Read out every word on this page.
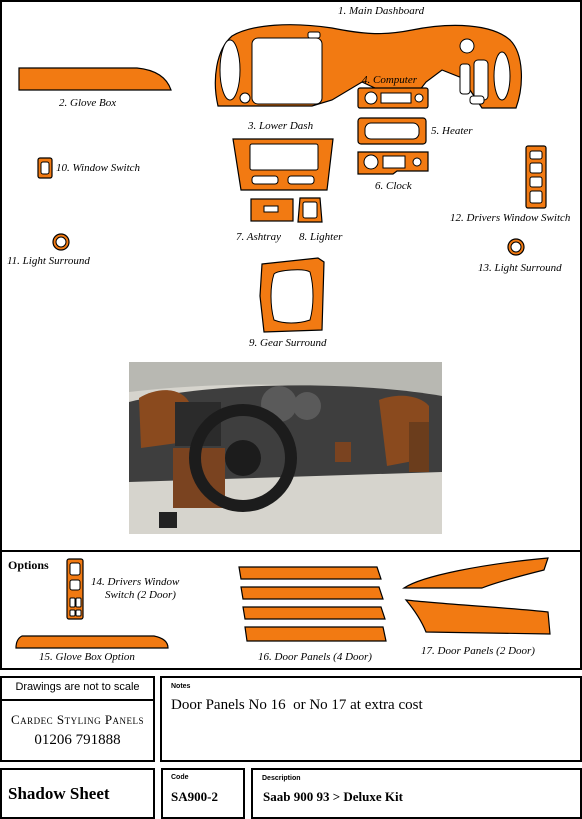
1. Main Dashboard
2. Glove Box
4. Computer
5. Heater
6. Clock
3. Lower Dash
10. Window Switch
12. Drivers Window Switch
7. Ashtray 8. Lighter
11. Light Surround
13. Light Surround
9. Gear Surround
Options
14. Drivers Window
Switch (2 Door)
15. Glove Box Option	16. Door Panels (4 Door)	17. Door Panels (2 Door)
Drawings are not to scale
Cardec Styling Panels
01206 791888
Notes
Door Panels No 16  or No 17 at extra cost
Shadow Sheet
Code
SA900-2
Description
Saab 900 93 > Deluxe Kit
